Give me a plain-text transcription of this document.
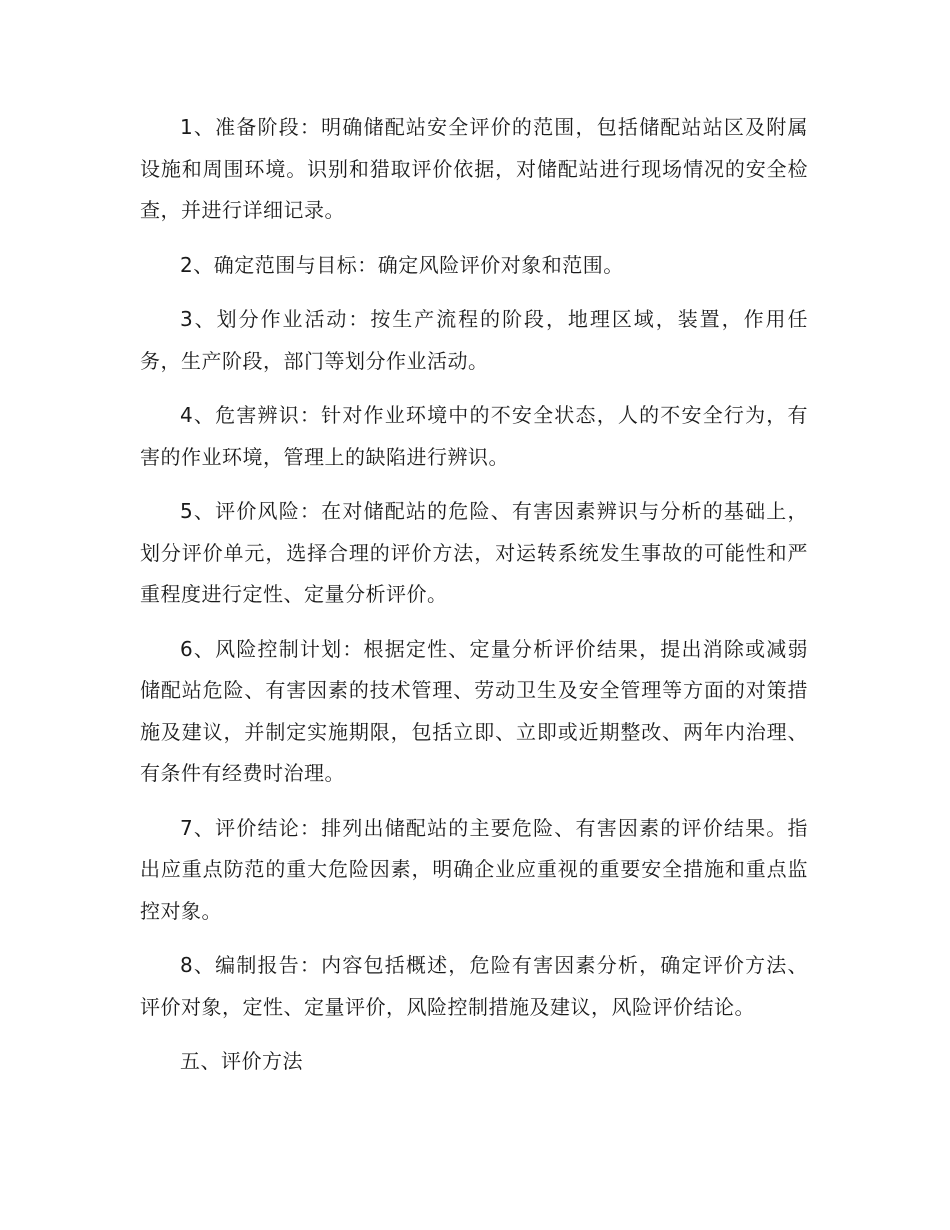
1、准备阶段：明确储配站安全评价的范围，包括储配站站区及附属设施和周围环境。识别和猎取评价依据，对储配站进行现场情况的安全检查，并进行详细记录。

2、确定范围与目标：确定风险评价对象和范围。

3、划分作业活动：按生产流程的阶段，地理区域，装置，作用任务，生产阶段，部门等划分作业活动。

4、危害辨识：针对作业环境中的不安全状态，人的不安全行为，有害的作业环境，管理上的缺陷进行辨识。

5、评价风险：在对储配站的危险、有害因素辨识与分析的基础上，划分评价单元，选择合理的评价方法，对运转系统发生事故的可能性和严重程度进行定性、定量分析评价。

6、风险控制计划：根据定性、定量分析评价结果，提出消除或减弱储配站危险、有害因素的技术管理、劳动卫生及安全管理等方面的对策措施及建议，并制定实施期限，包括立即、立即或近期整改、两年内治理、有条件有经费时治理。

7、评价结论：排列出储配站的主要危险、有害因素的评价结果。指出应重点防范的重大危险因素，明确企业应重视的重要安全措施和重点监控对象。

8、编制报告：内容包括概述，危险有害因素分析，确定评价方法、评价对象，定性、定量评价，风险控制措施及建议，风险评价结论。

五、评价方法
